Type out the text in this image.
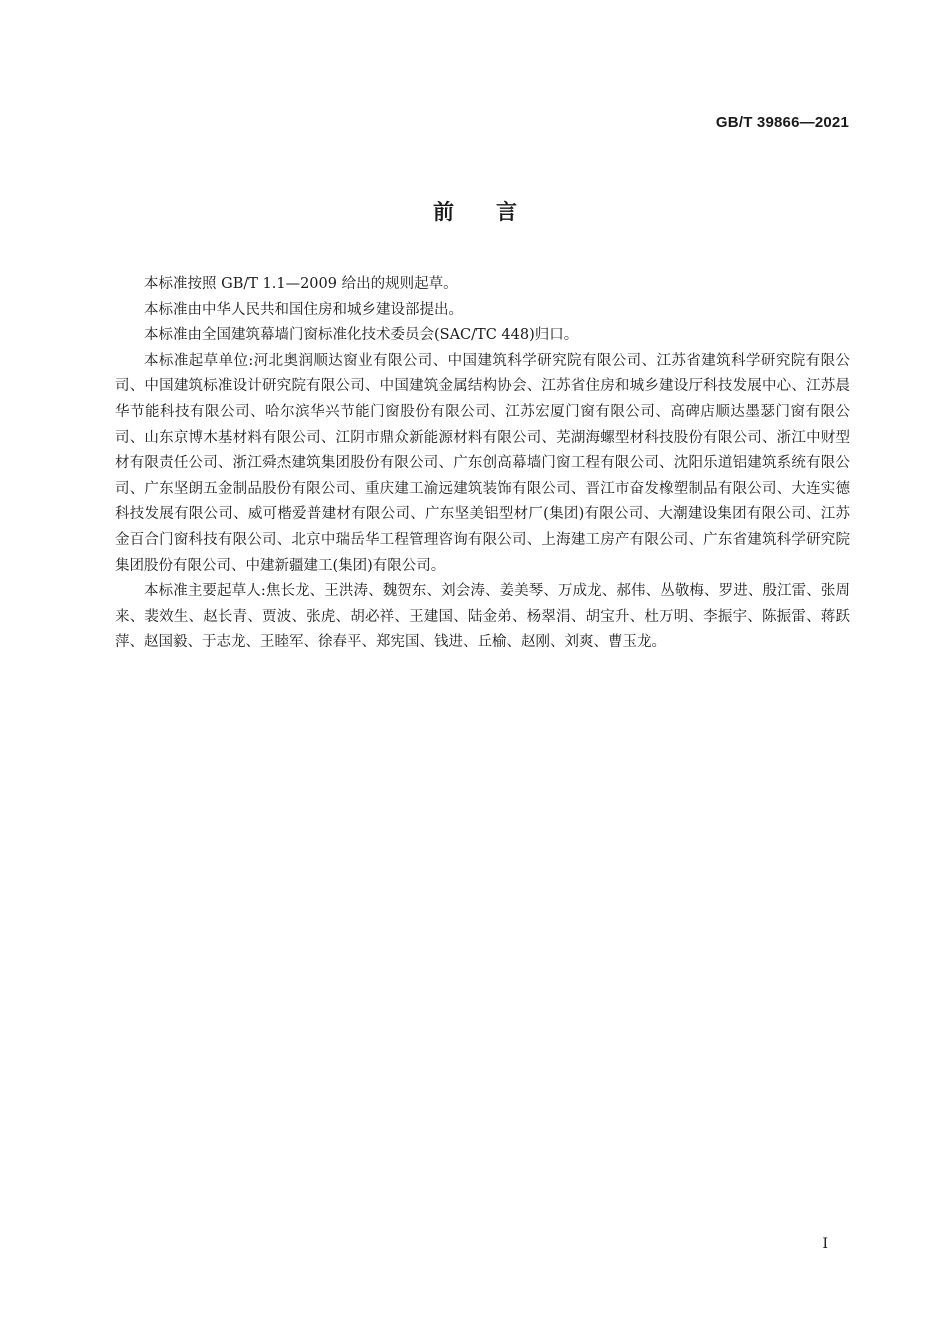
GB/T 39866—2021
前言

本标准按照 GB/T 1.1—2009 给出的规则起草。

本标准由中华人民共和国住房和城乡建设部提出。

本标准由全国建筑幕墙门窗标准化技术委员会(SAC/TC 448)归口。

本标准起草单位:河北奥润顺达窗业有限公司、中国建筑科学研究院有限公司、江苏省建筑科学研究院有限公司、中国建筑标准设计研究院有限公司、中国建筑金属结构协会、江苏省住房和城乡建设厅科技发展中心、江苏晨华节能科技有限公司、哈尔滨华兴节能门窗股份有限公司、江苏宏厦门窗有限公司、高碑店顺达墨瑟门窗有限公司、山东京博木基材料有限公司、江阴市鼎众新能源材料有限公司、芜湖海螺型材科技股份有限公司、浙江中财型材有限责任公司、浙江舜杰建筑集团股份有限公司、广东创高幕墙门窗工程有限公司、沈阳乐道铝建筑系统有限公司、广东坚朗五金制品股份有限公司、重庆建工渝远建筑装饰有限公司、晋江市奋发橡塑制品有限公司、大连实德科技发展有限公司、威可楷爱普建材有限公司、广东坚美铝型材厂(集团)有限公司、大潮建设集团有限公司、江苏金百合门窗科技有限公司、北京中瑞岳华工程管理咨询有限公司、上海建工房产有限公司、广东省建筑科学研究院集团股份有限公司、中建新疆建工(集团)有限公司。

本标准主要起草人:焦长龙、王洪涛、魏贺东、刘会涛、姜美琴、万成龙、郝伟、丛敬梅、罗进、殷江雷、张周来、裴效生、赵长青、贾波、张虎、胡必祥、王建国、陆金弟、杨翠涓、胡宝升、杜万明、李振宇、陈振雷、蒋跃萍、赵国毅、于志龙、王睦军、徐春平、郑宪国、钱进、丘榆、赵刚、刘爽、曹玉龙。

I
